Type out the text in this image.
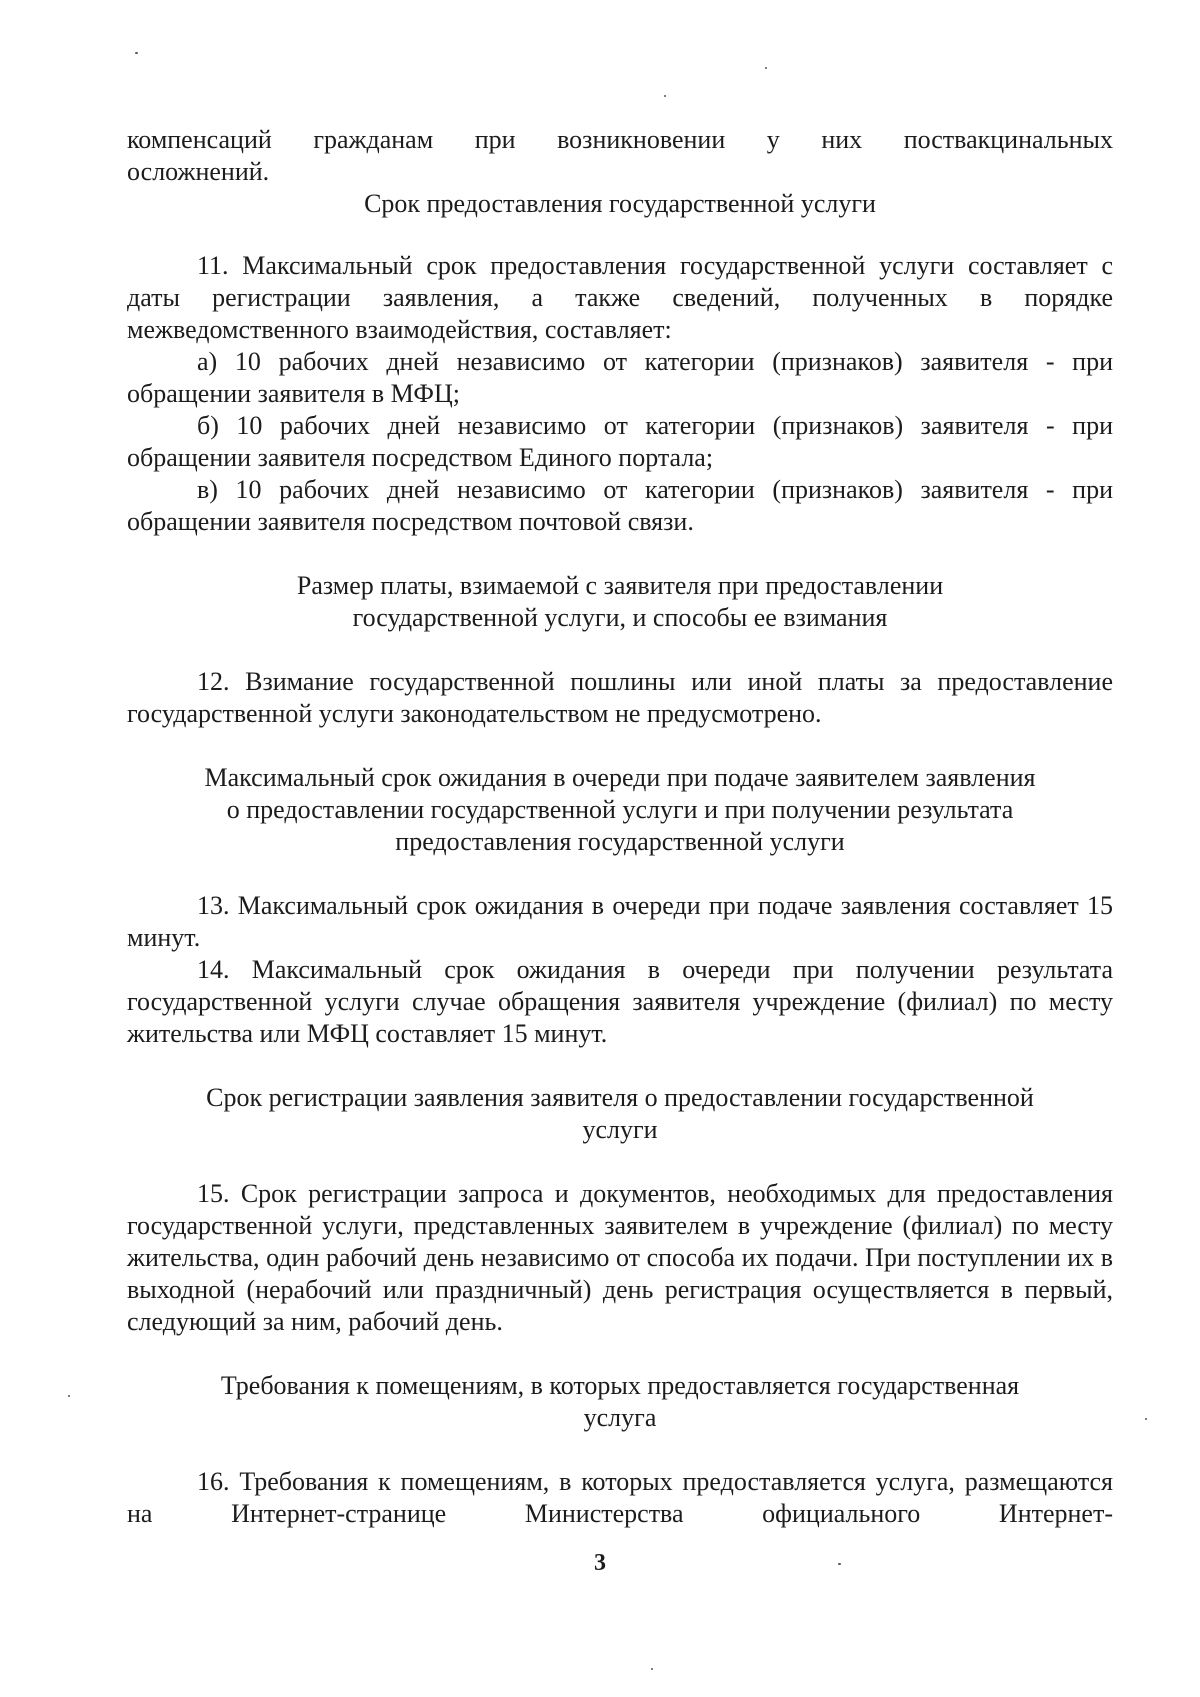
компенсаций гражданам при возникновении у них поствакцинальных

осложнений.

Срок предоставления государственной услуги

11. Максимальный срок предоставления государственной услуги составляет с даты регистрации заявления, а также сведений, полученных в порядке межведомственного взаимодействия, составляет:

а) 10 рабочих дней независимо от категории (признаков) заявителя - при обращении заявителя в МФЦ;

б) 10 рабочих дней независимо от категории (признаков) заявителя - при обращении заявителя посредством Единого портала;

в) 10 рабочих дней независимо от категории (признаков) заявителя - при обращении заявителя посредством почтовой связи.

Размер платы, взимаемой с заявителя при предоставлении

государственной услуги, и способы ее взимания

12. Взимание государственной пошлины или иной платы за предоставление государственной услуги законодательством не предусмотрено.

Максимальный срок ожидания в очереди при подаче заявителем заявления

о предоставлении государственной услуги и при получении результата

предоставления государственной услуги

13. Максимальный срок ожидания в очереди при подаче заявления составляет 15 минут.

14. Максимальный срок ожидания в очереди при получении результата государственной услуги случае обращения заявителя учреждение (филиал) по месту жительства или МФЦ составляет 15 минут.

Срок регистрации заявления заявителя о предоставлении государственной

услуги

15. Срок регистрации запроса и документов, необходимых для предоставления государственной услуги, представленных заявителем в учреждение (филиал) по месту жительства, один рабочий день независимо от способа их подачи. При поступлении их в выходной (нерабочий или праздничный) день регистрация осуществляется в первый, следующий за ним, рабочий день.

Требования к помещениям, в которых предоставляется государственная

услуга

16. Требования к помещениям, в которых предоставляется услуга, размещаются на Интернет-странице Министерства официального Интернет-

3
